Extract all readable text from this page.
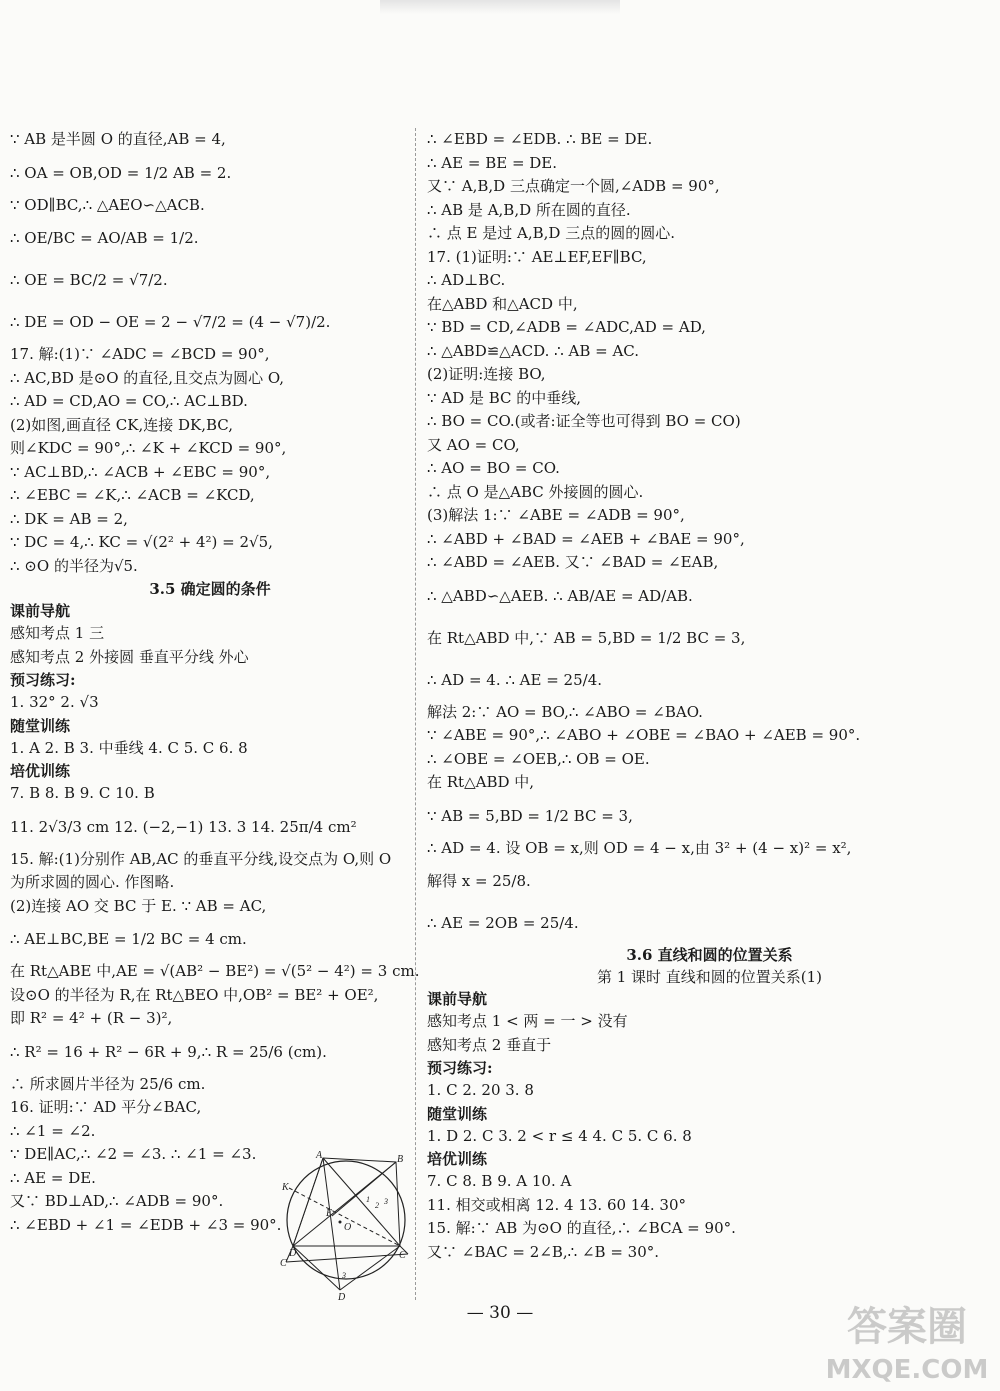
∵ AB 是半圆 O 的直径,AB = 4,
∴ OA = OB,OD = 1/2 AB = 2.
∵ OD∥BC,∴ △AEO∽△ACB.
∴ OE/BC = AO/AB = 1/2.
∴ OE = BC/2 = √7/2.
∴ DE = OD − OE = 2 − √7/2 = (4 − √7)/2.
17. 解:(1)∵ ∠ADC = ∠BCD = 90°,
∴ AC,BD 是⊙O 的直径,且交点为圆心 O,
∴ AD = CD,AO = CO,∴ AC⊥BD.
(2)如图,画直径 CK,连接 DK,BC,
则∠KDC = 90°,∴ ∠K + ∠KCD = 90°,
∵ AC⊥BD,∴ ∠ACB + ∠EBC = 90°,
∴ ∠EBC = ∠K,∴ ∠ACB = ∠KCD,
∴ DK = AB = 2,
∵ DC = 4,∴ KC = √(2² + 4²) = 2√5,
∴ ⊙O 的半径为√5.
3.5 确定圆的条件
课前导航
感知考点 1 三
感知考点 2 外接圆 垂直平分线 外心
预习练习:
1. 32° 2. √3
随堂训练
1. A 2. B 3. 中垂线 4. C 5. C 6. 8
培优训练
7. B 8. B 9. C 10. B
11. 2√3/3 cm 12. (−2,−1) 13. 3 14. 25π/4 cm²
15. 解:(1)分别作 AB,AC 的垂直平分线,设交点为 O,则 O
为所求圆的圆心. 作图略.
(2)连接 AO 交 BC 于 E. ∵ AB = AC,
∴ AE⊥BC,BE = 1/2 BC = 4 cm.
在 Rt△ABE 中,AE = √(AB² − BE²) = √(5² − 4²) = 3 cm.
设⊙O 的半径为 R,在 Rt△BEO 中,OB² = BE² + OE²,
即 R² = 4² + (R − 3)²,
∴ R² = 16 + R² − 6R + 9,∴ R = 25/6 (cm).
∴ 所求圆片半径为 25/6 cm.
16. 证明:∵ AD 平分∠BAC,
∴ ∠1 = ∠2.
∵ DE∥AC,∴ ∠2 = ∠3. ∴ ∠1 = ∠3.
∴ AE = DE.
又∵ BD⊥AD,∴ ∠ADB = 90°.
∴ ∠EBD + ∠1 = ∠EDB + ∠3 = 90°.
∴ ∠EBD = ∠EDB. ∴ BE = DE.
∴ AE = BE = DE.
又∵ A,B,D 三点确定一个圆,∠ADB = 90°,
∴ AB 是 A,B,D 所在圆的直径.
∴ 点 E 是过 A,B,D 三点的圆的圆心.
17. (1)证明:∵ AE⊥EF,EF∥BC,
∴ AD⊥BC.
在△ABD 和△ACD 中,
∵ BD = CD,∠ADB = ∠ADC,AD = AD,
∴ △ABD≌△ACD. ∴ AB = AC.
(2)证明:连接 BO,
∵ AD 是 BC 的中垂线,
∴ BO = CO.(或者:证全等也可得到 BO = CO)
又 AO = CO,
∴ AO = BO = CO.
∴ 点 O 是△ABC 外接圆的圆心.
(3)解法 1:∵ ∠ABE = ∠ADB = 90°,
∴ ∠ABD + ∠BAD = ∠AEB + ∠BAE = 90°,
∴ ∠ABD = ∠AEB. 又∵ ∠BAD = ∠EAB,
∴ △ABD∽△AEB. ∴ AB/AE = AD/AB.
在 Rt△ABD 中,∵ AB = 5,BD = 1/2 BC = 3,
∴ AD = 4. ∴ AE = 25/4.
解法 2:∵ AO = BO,∴ ∠ABO = ∠BAO.
∵ ∠ABE = 90°,∴ ∠ABO + ∠OBE = ∠BAO + ∠AEB = 90°.
∴ ∠OBE = ∠OEB,∴ OB = OE.
在 Rt△ABD 中,
∵ AB = 5,BD = 1/2 BC = 3,
∴ AD = 4. 设 OB = x,则 OD = 4 − x,由 3² + (4 − x)² = x²,
解得 x = 25/8.
∴ AE = 2OB = 25/4.
3.6 直线和圆的位置关系
第 1 课时 直线和圆的位置关系(1)
课前导航
感知考点 1 < 两 = 一 > 没有
感知考点 2 垂直于
预习练习:
1. C 2. 20 3. 8
随堂训练
1. D 2. C 3. 2 < r ≤ 4 4. C 5. C 6. 8
培优训练
7. C 8. B 9. A 10. A
11. 相交或相离 12. 4 13. 60 14. 30°
15. 解:∵ AB 为⊙O 的直径,∴ ∠BCA = 90°.
又∵ ∠BAC = 2∠B,∴ ∠B = 30°.
A	B
C
C
D
D
E
K
O
1
2 3
3
— 30 —	答案圈
MXQE.COM
